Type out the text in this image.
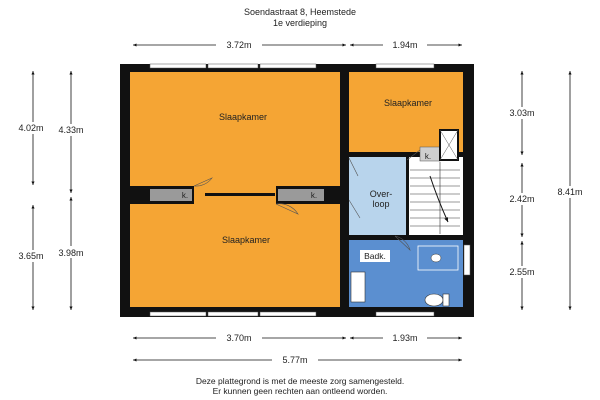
Soendastraat 8, Heemstede
1e verdieping
3.72m	1.94m
3.70m	1.93m
5.77m
4.02m 4.33m
3.65m 3.98m
3.03m
2.42m
2.55m
8.41m
k.	k.
k.
Slaapkamer
Slaapkamer
Slaapkamer
Over-
loop
Badk.
Deze plattegrond is met de meeste zorg samengesteld.
Er kunnen geen rechten aan ontleend worden.
